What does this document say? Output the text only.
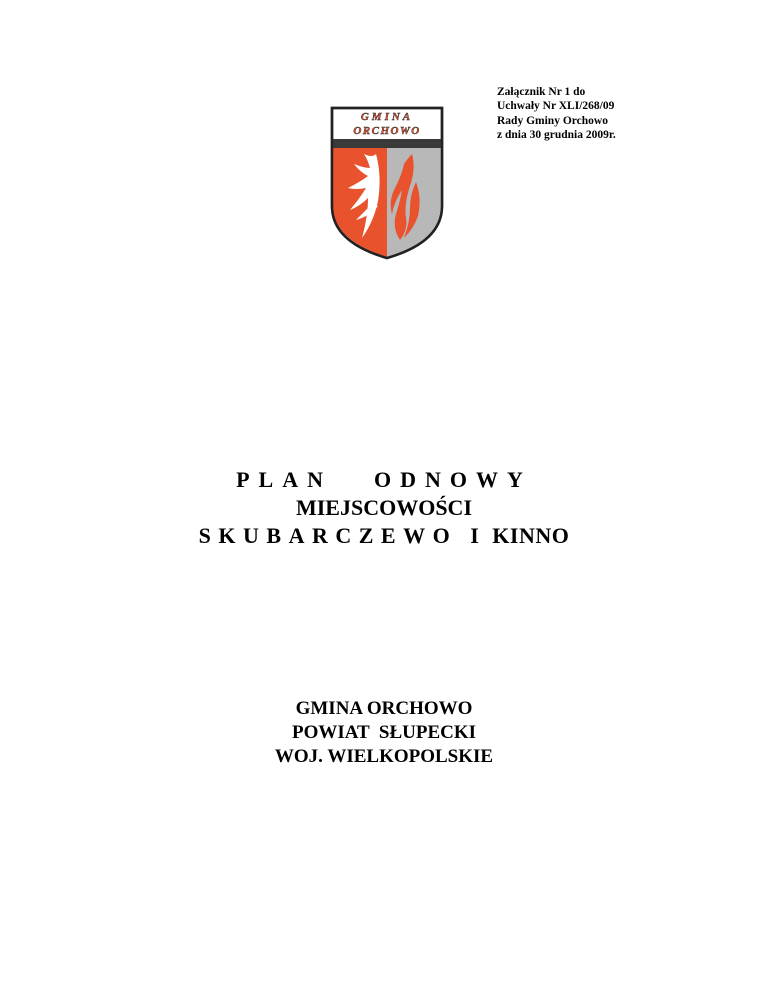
Załącznik Nr 1 do
Uchwały Nr XLI/268/09
Rady Gminy Orchowo
z dnia 30 grudnia 2009r.
GMINA
ORCHOWO
PLAN ODNOWY
MIEJSCOWOŚCI
SKUBARCZEWO I KINNO
GMINA ORCHOWO
POWIAT  SŁUPECKI
WOJ. WIELKOPOLSKIE
